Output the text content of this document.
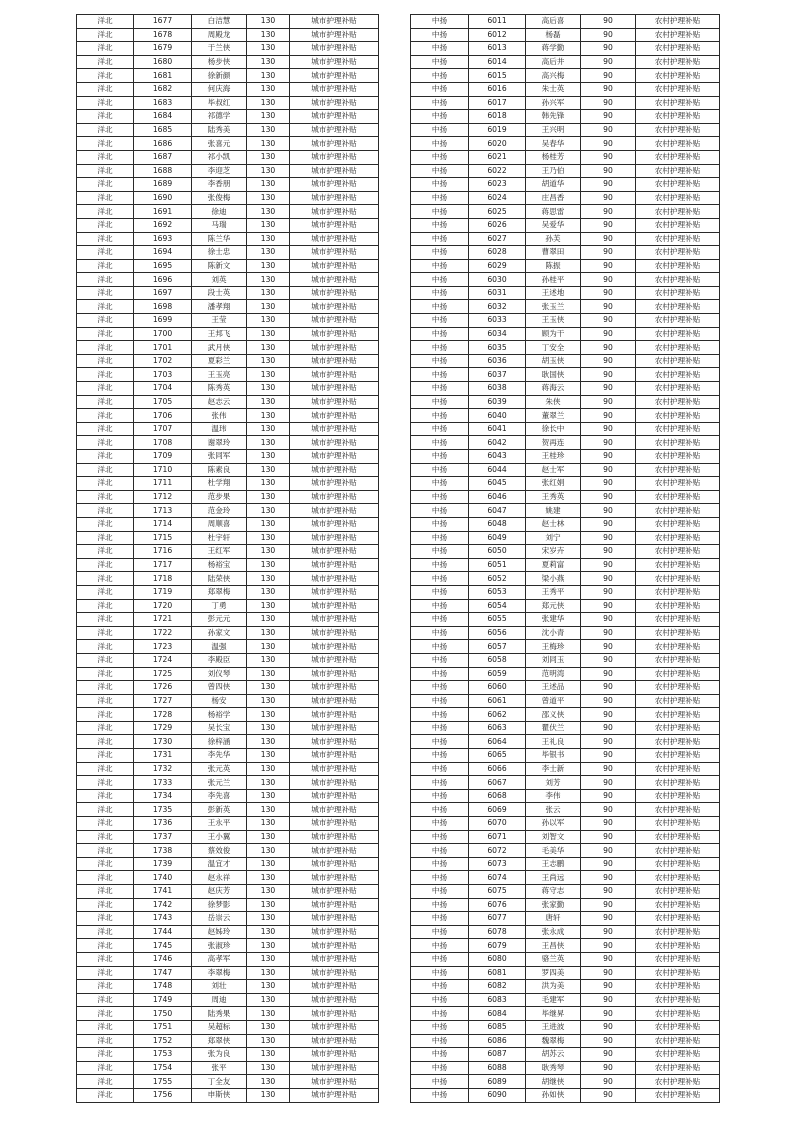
洋北	1677	白洁慧	130	城市护理补贴
洋北	1678	周殿龙	130	城市护理补贴
洋北	1679	于兰侠	130	城市护理补贴
洋北	1680	杨步侠	130	城市护理补贴
洋北	1681	徐新颜	130	城市护理补贴
洋北	1682	何庆海	130	城市护理补贴
洋北	1683	毕叔红	130	城市护理补贴
洋北	1684	祁德学	130	城市护理补贴
洋北	1685	陆秀美	130	城市护理补贴
洋北	1686	张喜元	130	城市护理补贴
洋北	1687	祁小凯	130	城市护理补贴
洋北	1688	李迎芝	130	城市护理补贴
洋北	1689	李香朋	130	城市护理补贴
洋北	1690	张俊梅	130	城市护理补贴
洋北	1691	徐迪	130	城市护理补贴
洋北	1692	马瑞	130	城市护理补贴
洋北	1693	陈兰华	130	城市护理补贴
洋北	1694	徐士忠	130	城市护理补贴
洋北	1695	陈新文	130	城市护理补贴
洋北	1696	刘英	130	城市护理补贴
洋北	1697	段士英	130	城市护理补贴
洋北	1698	潘孝翔	130	城市护理补贴
洋北	1699	王莹	130	城市护理补贴
洋北	1700	王邦飞	130	城市护理补贴
洋北	1701	武月侠	130	城市护理补贴
洋北	1702	夏彩兰	130	城市护理补贴
洋北	1703	王玉亮	130	城市护理补贴
洋北	1704	陈秀英	130	城市护理补贴
洋北	1705	赵志云	130	城市护理补贴
洋北	1706	张伟	130	城市护理补贴
洋北	1707	温玮	130	城市护理补贴
洋北	1708	谢翠玲	130	城市护理补贴
洋北	1709	张同军	130	城市护理补贴
洋北	1710	陈素良	130	城市护理补贴
洋北	1711	杜学翔	130	城市护理补贴
洋北	1712	范步果	130	城市护理补贴
洋北	1713	范金玲	130	城市护理补贴
洋北	1714	周顺喜	130	城市护理补贴
洋北	1715	杜宇轩	130	城市护理补贴
洋北	1716	王红军	130	城市护理补贴
洋北	1717	杨裕宝	130	城市护理补贴
洋北	1718	陆荣侠	130	城市护理补贴
洋北	1719	郑翠梅	130	城市护理补贴
洋北	1720	丁勇	130	城市护理补贴
洋北	1721	彭元元	130	城市护理补贴
洋北	1722	孙家文	130	城市护理补贴
洋北	1723	温强	130	城市护理补贴
洋北	1724	李殿臣	130	城市护理补贴
洋北	1725	刘仪琴	130	城市护理补贴
洋北	1726	曾四侠	130	城市护理补贴
洋北	1727	杨安	130	城市护理补贴
洋北	1728	杨裕学	130	城市护理补贴
洋北	1729	吴长宝	130	城市护理补贴
洋北	1730	徐梓涵	130	城市护理补贴
洋北	1731	李先华	130	城市护理补贴
洋北	1732	张元英	130	城市护理补贴
洋北	1733	张元兰	130	城市护理补贴
洋北	1734	李先喜	130	城市护理补贴
洋北	1735	彭新英	130	城市护理补贴
洋北	1736	王永平	130	城市护理补贴
洋北	1737	王小翼	130	城市护理补贴
洋北	1738	蔡效俊	130	城市护理补贴
洋北	1739	温宜才	130	城市护理补贴
洋北	1740	赵永祥	130	城市护理补贴
洋北	1741	赵庆芳	130	城市护理补贴
洋北	1742	徐梦影	130	城市护理补贴
洋北	1743	岳崇云	130	城市护理补贴
洋北	1744	赵姊玲	130	城市护理补贴
洋北	1745	张淑珍	130	城市护理补贴
洋北	1746	高孝军	130	城市护理补贴
洋北	1747	李翠梅	130	城市护理补贴
洋北	1748	刘壮	130	城市护理补贴
洋北	1749	周迪	130	城市护理补贴
洋北	1750	陆秀果	130	城市护理补贴
洋北	1751	吴超标	130	城市护理补贴
洋北	1752	郑翠侠	130	城市护理补贴
洋北	1753	张为良	130	城市护理补贴
洋北	1754	张平	130	城市护理补贴
洋北	1755	丁全友	130	城市护理补贴
洋北	1756	申斯侠	130	城市护理补贴
中扬	6011	高后喜	90	农村护理补贴
中扬	6012	杨磊	90	农村护理补贴
中扬	6013	蒋学勤	90	农村护理补贴
中扬	6014	高后井	90	农村护理补贴
中扬	6015	高兴梅	90	农村护理补贴
中扬	6016	朱士英	90	农村护理补贴
中扬	6017	孙兴军	90	农村护理补贴
中扬	6018	韩先锋	90	农村护理补贴
中扬	6019	王兴明	90	农村护理补贴
中扬	6020	吴春华	90	农村护理补贴
中扬	6021	杨桂芳	90	农村护理补贴
中扬	6022	王乃伯	90	农村护理补贴
中扬	6023	胡道华	90	农村护理补贴
中扬	6024	庄昌香	90	农村护理补贴
中扬	6025	蒋思雷	90	农村护理补贴
中扬	6026	吴爱华	90	农村护理补贴
中扬	6027	孙芙	90	农村护理补贴
中扬	6028	曹翠田	90	农村护理补贴
中扬	6029	陈振	90	农村护理补贴
中扬	6030	孙桂平	90	农村护理补贴
中扬	6031	王述地	90	农村护理补贴
中扬	6032	张玉兰	90	农村护理补贴
中扬	6033	王玉侠	90	农村护理补贴
中扬	6034	顾为干	90	农村护理补贴
中扬	6035	丁安全	90	农村护理补贴
中扬	6036	胡玉侠	90	农村护理补贴
中扬	6037	耿国侠	90	农村护理补贴
中扬	6038	蒋海云	90	农村护理补贴
中扬	6039	朱侠	90	农村护理补贴
中扬	6040	董翠兰	90	农村护理补贴
中扬	6041	徐长中	90	农村护理补贴
中扬	6042	贺再连	90	农村护理补贴
中扬	6043	王桂珍	90	农村护理补贴
中扬	6044	赵士军	90	农村护理补贴
中扬	6045	张红娟	90	农村护理补贴
中扬	6046	王秀英	90	农村护理补贴
中扬	6047	姚建	90	农村护理补贴
中扬	6048	赵士林	90	农村护理补贴
中扬	6049	刘宁	90	农村护理补贴
中扬	6050	宋岁卉	90	农村护理补贴
中扬	6051	夏莉富	90	农村护理补贴
中扬	6052	梁小燕	90	农村护理补贴
中扬	6053	王秀平	90	农村护理补贴
中扬	6054	郑元侠	90	农村护理补贴
中扬	6055	张建华	90	农村护理补贴
中扬	6056	沈小青	90	农村护理补贴
中扬	6057	王梅珍	90	农村护理补贴
中扬	6058	刘同玉	90	农村护理补贴
中扬	6059	范明湾	90	农村护理补贴
中扬	6060	王述品	90	农村护理补贴
中扬	6061	曾道平	90	农村护理补贴
中扬	6062	邵义侠	90	农村护理补贴
中扬	6063	瞿伏兰	90	农村护理补贴
中扬	6064	王礼良	90	农村护理补贴
中扬	6065	毕银书	90	农村护理补贴
中扬	6066	李士新	90	农村护理补贴
中扬	6067	刘芳	90	农村护理补贴
中扬	6068	李伟	90	农村护理补贴
中扬	6069	张云	90	农村护理补贴
中扬	6070	孙以军	90	农村护理补贴
中扬	6071	刘智文	90	农村护理补贴
中扬	6072	毛美华	90	农村护理补贴
中扬	6073	王志鹏	90	农村护理补贴
中扬	6074	王尚远	90	农村护理补贴
中扬	6075	蒋守志	90	农村护理补贴
中扬	6076	张家勤	90	农村护理补贴
中扬	6077	唐轩	90	农村护理补贴
中扬	6078	张永成	90	农村护理补贴
中扬	6079	王昌侠	90	农村护理补贴
中扬	6080	骆兰英	90	农村护理补贴
中扬	6081	罗四美	90	农村护理补贴
中扬	6082	洪为美	90	农村护理补贴
中扬	6083	毛建军	90	农村护理补贴
中扬	6084	毕继昇	90	农村护理补贴
中扬	6085	王进波	90	农村护理补贴
中扬	6086	魏翠梅	90	农村护理补贴
中扬	6087	胡苏云	90	农村护理补贴
中扬	6088	耿秀琴	90	农村护理补贴
中扬	6089	胡继侠	90	农村护理补贴
中扬	6090	孙如侠	90	农村护理补贴
